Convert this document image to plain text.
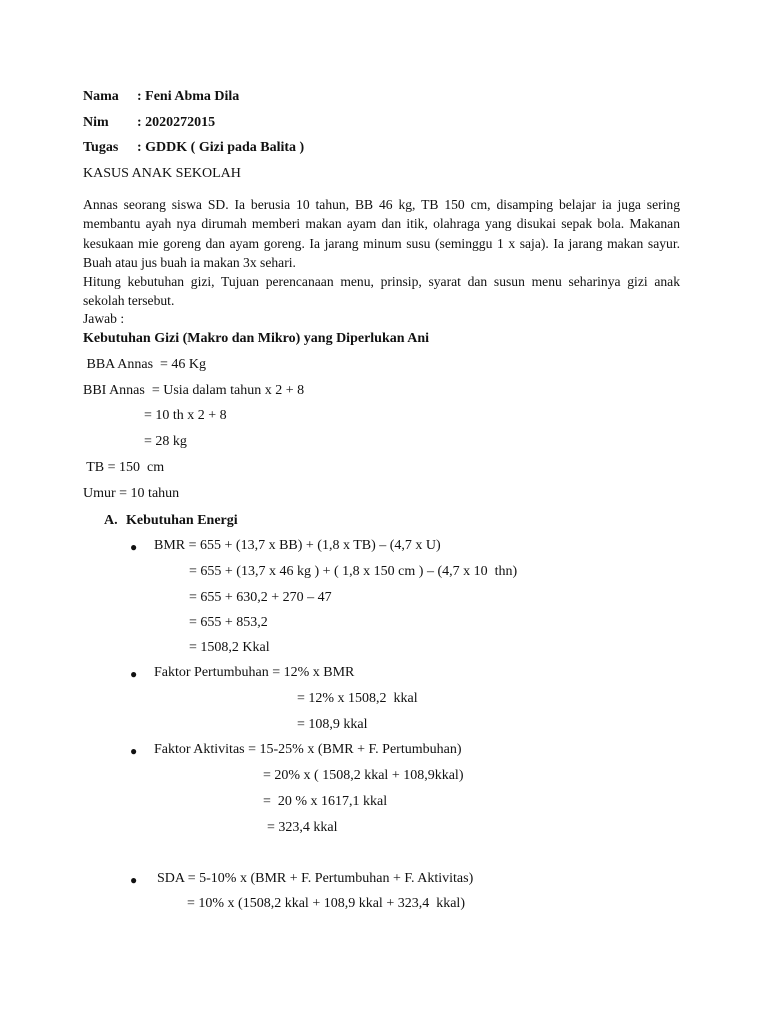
Nama : Feni Abma Dila
Nim : 2020272015
Tugas : GDDK ( Gizi pada Balita )
KASUS ANAK SEKOLAH
Annas seorang siswa SD. Ia berusia 10 tahun, BB 46 kg, TB 150 cm, disamping belajar ia juga sering membantu ayah nya dirumah memberi makan ayam dan itik, olahraga yang disukai sepak bola. Makanan kesukaan mie goreng dan ayam goreng. Ia jarang minum susu (seminggu 1 x saja). Ia jarang makan sayur. Buah atau jus buah ia makan 3x sehari.
Hitung kebutuhan gizi, Tujuan perencanaan menu, prinsip, syarat dan susun menu seharinya gizi anak sekolah tersebut.
Jawab :
Kebutuhan Gizi (Makro dan Mikro) yang Diperlukan Ani
BBA Annas  = 46 Kg
BBI Annas  = Usia dalam tahun x 2 + 8
= 10 th x 2 + 8
= 28 kg
TB = 150  cm
Umur = 10 tahun
A. Kebutuhan Energi
● BMR = 655 + (13,7 x BB) + (1,8 x TB) – (4,7 x U)
= 655 + (13,7 x 46 kg ) + ( 1,8 x 150 cm ) – (4,7 x 10  thn)
= 655 + 630,2 + 270 – 47
= 655 + 853,2
= 1508,2 Kkal
● Faktor Pertumbuhan = 12% x BMR
= 12% x 1508,2  kkal
= 108,9 kkal
● Faktor Aktivitas = 15-25% x (BMR + F. Pertumbuhan)
= 20% x ( 1508,2 kkal + 108,9kkal)
=  20 % x 1617,1 kkal
= 323,4 kkal
● SDA = 5-10% x (BMR + F. Pertumbuhan + F. Aktivitas)
= 10% x (1508,2 kkal + 108,9 kkal + 323,4  kkal)
